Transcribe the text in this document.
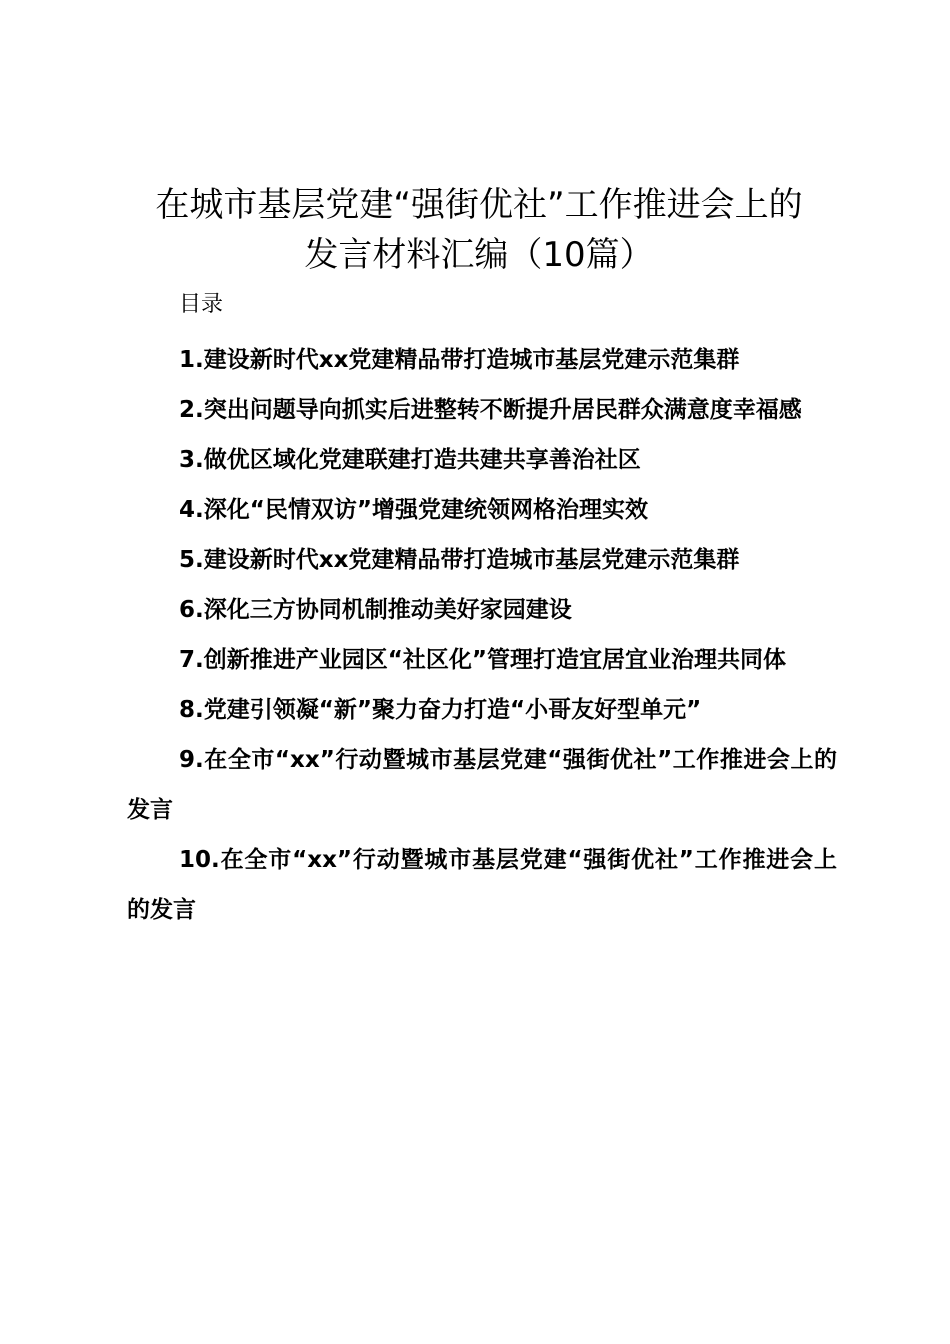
在城市基层党建“强街优社”工作推进会上的
发言材料汇编（10篇）
目录
1.建设新时代xx党建精品带打造城市基层党建示范集群
2.突出问题导向抓实后进整转不断提升居民群众满意度幸福感
3.做优区域化党建联建打造共建共享善治社区
4.深化“民情双访”增强党建统领网格治理实效
5.建设新时代xx党建精品带打造城市基层党建示范集群
6.深化三方协同机制推动美好家园建设
7.创新推进产业园区“社区化”管理打造宜居宜业治理共同体
8.党建引领凝“新”聚力奋力打造“小哥友好型单元”
9.在全市“xx”行动暨城市基层党建“强街优社”工作推进会上的发言
10.在全市“xx”行动暨城市基层党建“强街优社”工作推进会上的发言
